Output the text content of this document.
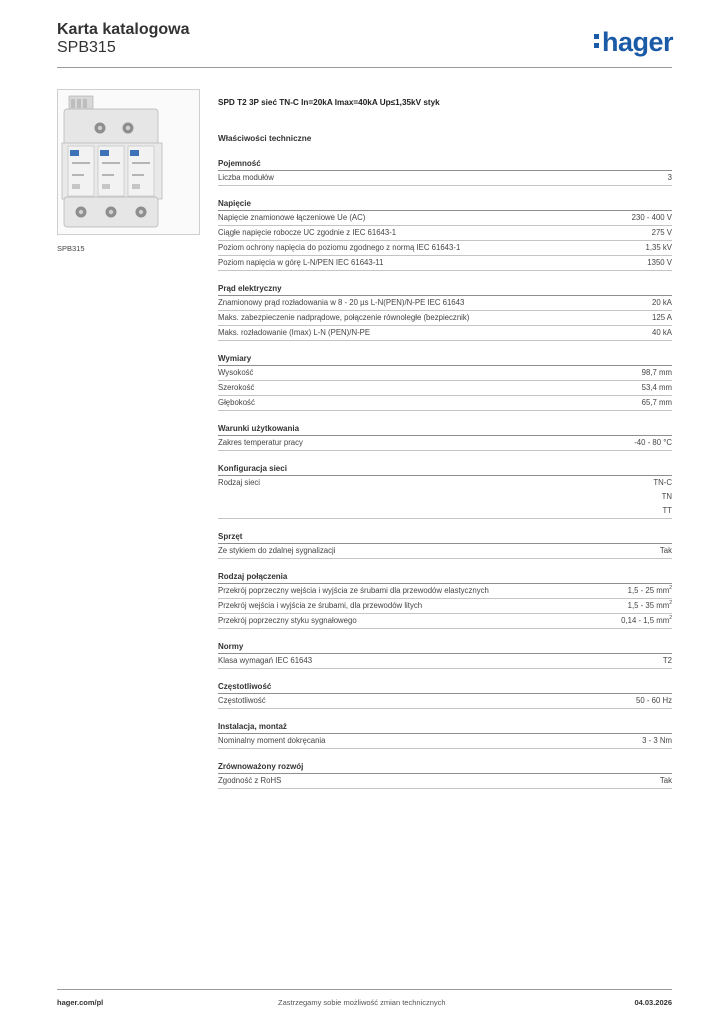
Karta katalogowa
SPB315	hager
SPB315
SPD T2 3P sieć TN-C In=20kA Imax=40kA Up≤1,35kV styk
Właściwości techniczne
Pojemność
Liczba modułów	3
Napięcie
Napięcie znamionowe łączeniowe Ue (AC)	230 - 400 V
Ciągłe napięcie robocze UC zgodnie z IEC 61643-1	275 V
Poziom ochrony napięcia do poziomu zgodnego z normą IEC 61643-1	1,35 kV
Poziom napięcia w górę L-N/PEN IEC 61643-11	1350 V
Prąd elektryczny
Znamionowy prąd rozładowania w 8 - 20 µs L-N(PEN)/N-PE IEC 61643	20 kA
Maks. zabezpieczenie nadprądowe, połączenie równoległe (bezpiecznik)	125 A
Maks. rozładowanie (Imax) L-N (PEN)/N-PE	40 kA
Wymiary
Wysokość	98,7 mm
Szerokość	53,4 mm
Głębokość	65,7 mm
Warunki użytkowania
Zakres temperatur pracy	-40 - 80 °C
Konfiguracja sieci
Rodzaj sieci	TN-C
TN
TT
Sprzęt
Ze stykiem do zdalnej sygnalizacji	Tak
Rodzaj połączenia
Przekrój poprzeczny wejścia i wyjścia ze śrubami dla przewodów elastycznych	1,5 - 25 $mm^2$
Przekrój wejścia i wyjścia ze śrubami, dla przewodów litych	1,5 - 35 $mm^2$
Przekrój poprzeczny styku sygnałowego	0,14 - 1,5 $mm^2$
Normy
Klasa wymagań IEC 61643	T2
Częstotliwość
Częstotliwość	50 - 60 Hz
Instalacja, montaż
Nominalny moment dokręcania	3 - 3 Nm
Zrównoważony rozwój
Zgodność z RoHS	Tak
hager.com/pl	Zastrzegamy sobie możliwość zmian technicznych	04.03.2026
